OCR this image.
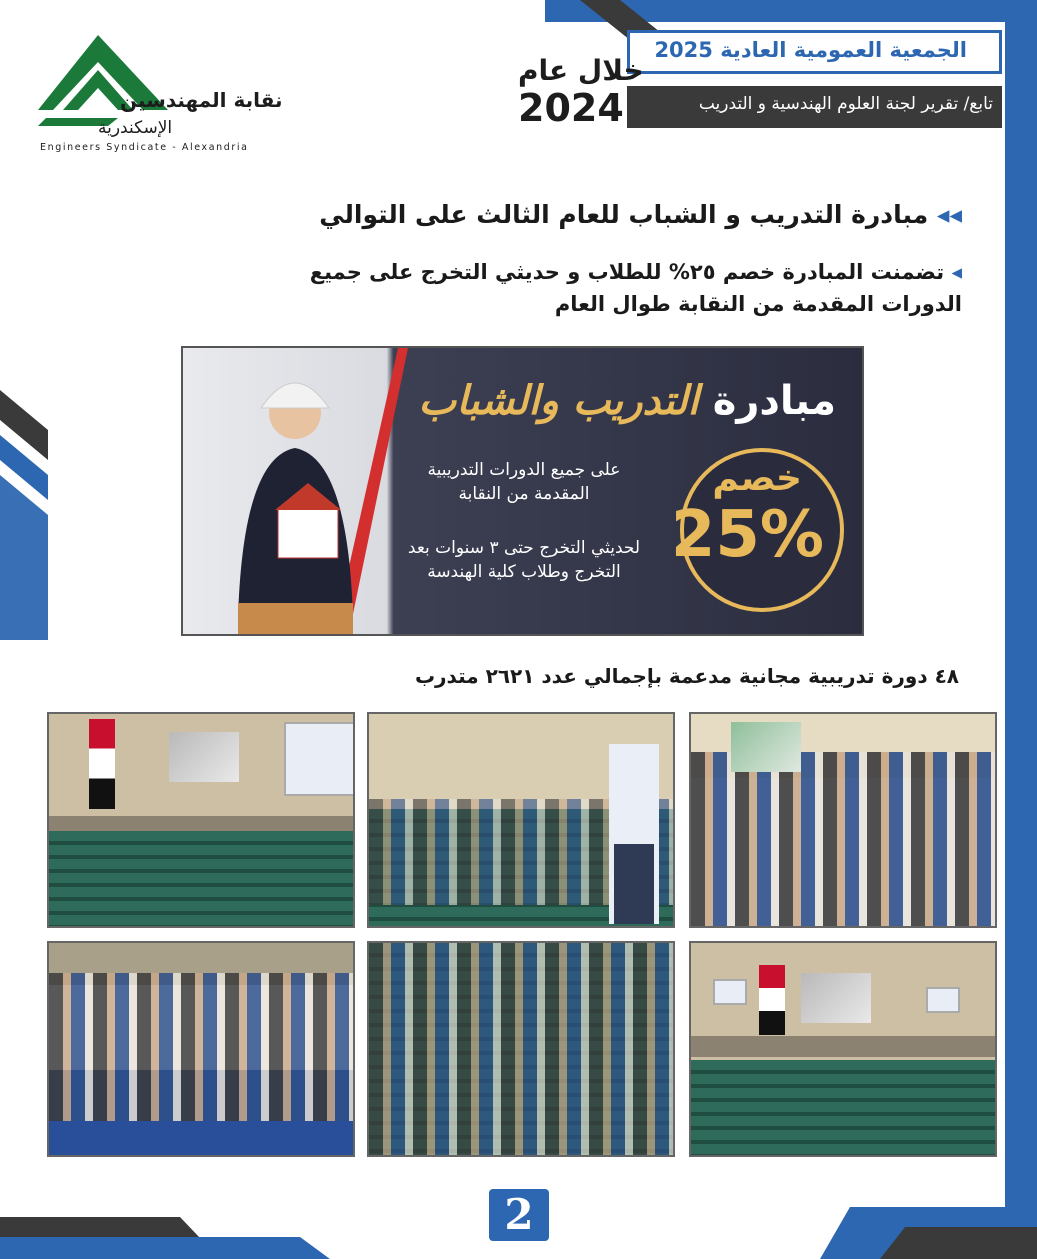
نقابة المهندسين
الإسكندرية
Engineers Syndicate - Alexandria
الجمعية العمومية العادية 2025
تابع/ تقرير لجنة العلوم الهندسية و التدريب
خلال عام
2024
◂◂ مبادرة التدريب و الشباب للعام الثالث على التوالي
◂ تضمنت المبادرة خصم ٢٥% للطلاب و حديثي التخرج على جميع الدورات المقدمة من النقابة طوال العام
مبادرة التدريب والشباب
على جميع الدورات التدريبية المقدمة من النقابة
لحديثي التخرج حتى ٣ سنوات بعد التخرج وطلاب كلية الهندسة
خصم
25%
٤٨ دورة تدريبية مجانية مدعمة بإجمالي عدد ٢٦٢١ متدرب
2
